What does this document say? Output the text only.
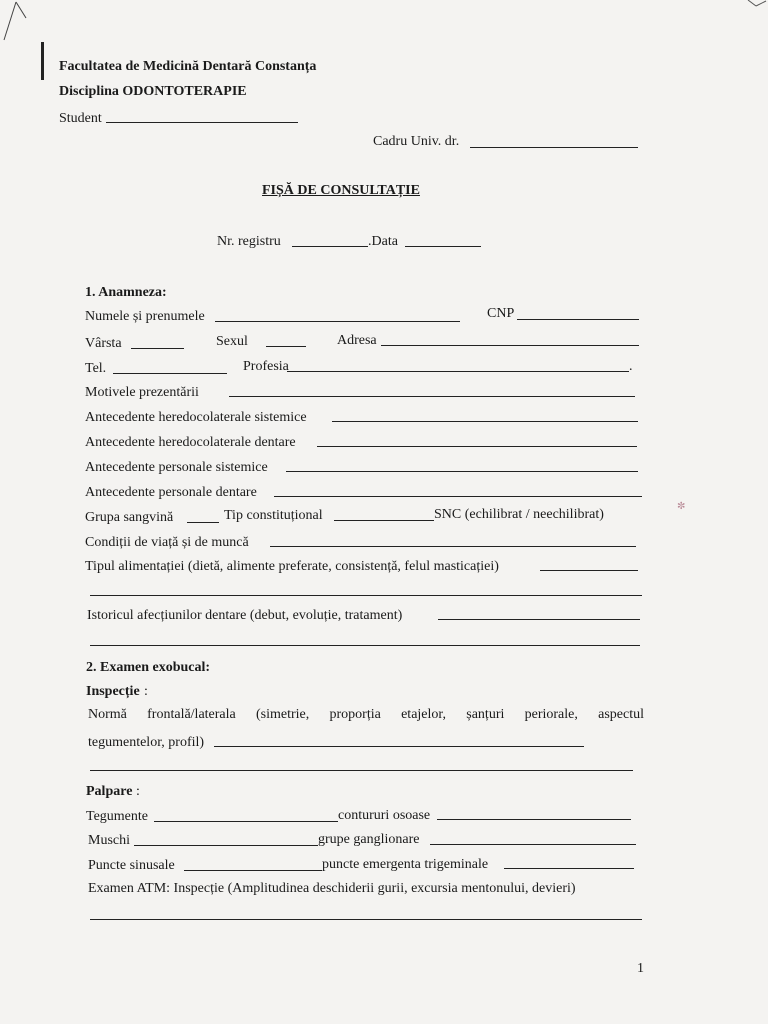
Facultatea de Medicină Dentară Constanța
Disciplina ODONTOTERAPIE
Student
Cadru Univ. dr.
FIȘĂ DE CONSULTAȚIE
Nr. registru	.Data
1. Anamneza:
Numele și prenumele	CNP
Vârsta	Sexul	Adresa
Tel.	Profesia	.
Motivele prezentării
Antecedente heredocolaterale sistemice
Antecedente heredocolaterale dentare
Antecedente personale sistemice
Antecedente personale dentare
Grupa sangvină	Tip constituțional	SNC (echilibrat / neechilibrat)
✼
Condiții de viață și de muncă
Tipul alimentației (dietă, alimente preferate, consistență, felul masticației)
Istoricul afecțiunilor dentare (debut, evoluție, tratament)
2. Examen exobucal:
Inspecție :
Normă frontală/laterala (simetrie, proporția etajelor, șanțuri periorale, aspectul
tegumentelor, profil)
Palpare :
Tegumente	contururi osoase
Muschi	grupe ganglionare
Puncte sinusale	puncte emergenta trigeminale
Examen ATM: Inspecție (Amplitudinea deschiderii gurii, excursia mentonului, devieri)
1
